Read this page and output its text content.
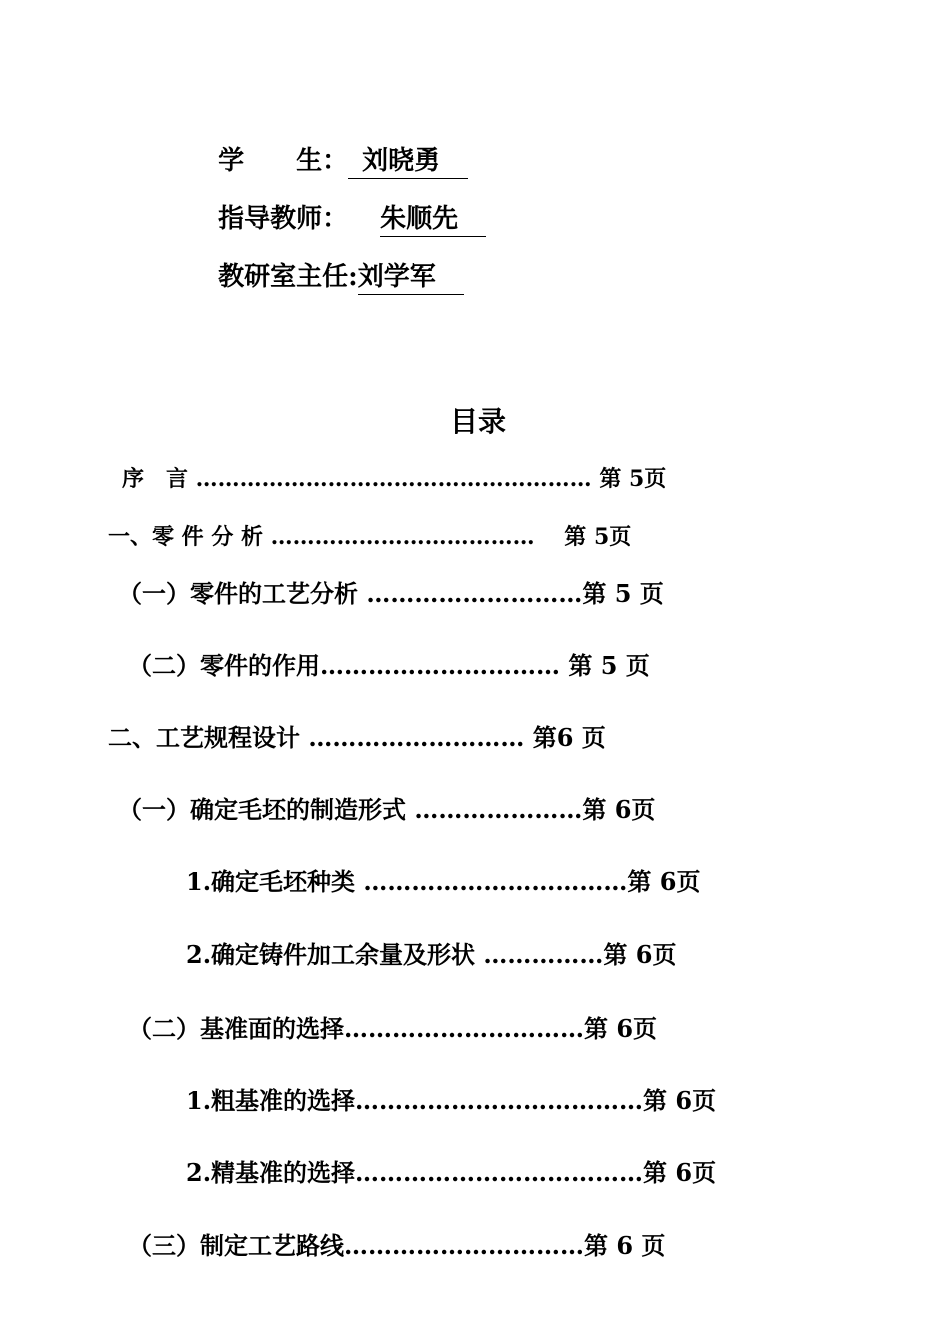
学　　生： 刘晓勇

指导教师： 朱顺先

教研室主任:刘学军

目录
序　言 ……………………………………………… 第 5页
一、零 件 分 析 ……………………………… 　第 5页
（一）零件的工艺分析 ………………………第 5 页
（二）零件的作用………………………… 第 5 页
二、工艺规程设计 ……………………… 第6 页
（一）确定毛坯的制造形式 …………………第 6页
1.确定毛坯种类 ……………………………第 6页
2.确定铸件加工余量及形状 ……………第 6页
（二）基准面的选择…………………………第 6页
1.粗基准的选择………………………………第 6页
2.精基准的选择………………………………第 6页
（三）制定工艺路线…………………………第 6 页
